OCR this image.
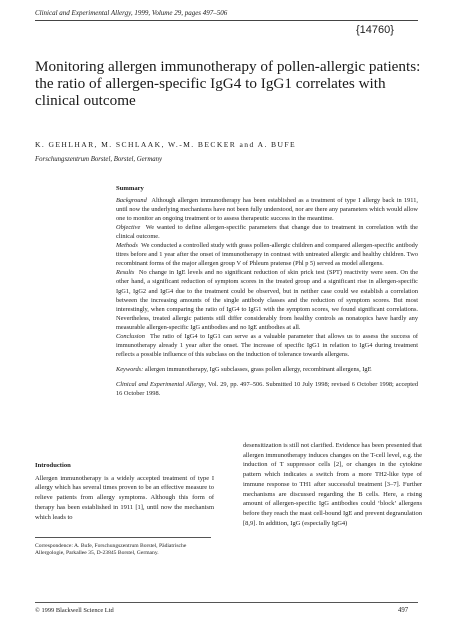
Clinical and Experimental Allergy, 1999, Volume 29, pages 497–506
{14760}
Monitoring allergen immunotherapy of pollen-allergic patients: the ratio of allergen-specific IgG4 to IgG1 correlates with clinical outcome
K. GEHLHAR, M. SCHLAAK, W.-M. BECKER and A. BUFE
Forschungszentrum Borstel, Borstel, Germany
Summary

Background Although allergen immunotherapy has been established as a treatment of type I allergy back in 1911, until now the underlying mechanisms have not been fully understood, nor are there any parameters which would allow one to monitor an ongoing treatment or to assess therapeutic success in the meantime.

Objective We wanted to define allergen-specific parameters that change due to treatment in correlation with the clinical outcome.

Methods We conducted a controlled study with grass pollen-allergic children and compared allergen-specific antibody titres before and 1 year after the onset of immunotherapy in contrast with untreated allergic and healthy children. Two recombinant forms of the major allergen group V of Phleum pratense (Phl p 5) served as model allergens.

Results No change in IgE levels and no significant reduction of skin prick test (SPT) reactivity were seen. On the other hand, a significant reduction of symptom scores in the treated group and a significant rise in allergen-specific IgG1, IgG2 and IgG4 due to the treatment could be observed, but in neither case could we establish a correlation between the increasing amounts of the single antibody classes and the reduction of symptom scores. But most interestingly, when comparing the ratio of IgG4 to IgG1 with the symptom scores, we found significant correlations. Nevertheless, treated allergic patients still differ considerably from healthy controls as nonatopics have hardly any measurable allergen-specific IgG antibodies and no IgE antibodies at all.

Conclusion The ratio of IgG4 to IgG1 can serve as a valuable parameter that allows us to assess the success of immunotherapy already 1 year after the onset. The increase of specific IgG1 in relation to IgG4 during treatment reflects a possible influence of this subclass on the induction of tolerance towards allergens.

Keywords: allergen immunotherapy, IgG subclasses, grass pollen allergy, recombinant allergens, IgE

Clinical and Experimental Allergy, Vol. 29, pp. 497–506. Submitted 10 July 1998; revised 6 October 1998; accepted 16 October 1998.

Introduction

Allergen immunotherapy is a widely accepted treatment of type I allergy which has several times proven to be an effective measure to relieve patients from allergy symptoms. Although this form of therapy has been established in 1911 [1], until now the mechanism which leads to

desensitization is still not clarified. Evidence has been presented that allergen immunotherapy induces changes on the T-cell level, e.g. the induction of T suppressor cells [2], or changes in the cytokine pattern which indicates a switch from a more TH2-like type of immune response to TH1 after successful treatment [3–7]. Further mechanisms are discussed regarding the B cells. Here, a rising amount of allergen-specific IgG antibodies could ‘block’ allergens before they reach the mast cell-bound IgE and prevent degranulation [8,9]. In addition, IgG (especially IgG4)

Correspondence: A. Bufe, Forschungszentrum Borstel, Pädiatrische Allergologie, Parkallee 35, D-23845 Borstel, Germany.
© 1999 Blackwell Science Ltd	497
